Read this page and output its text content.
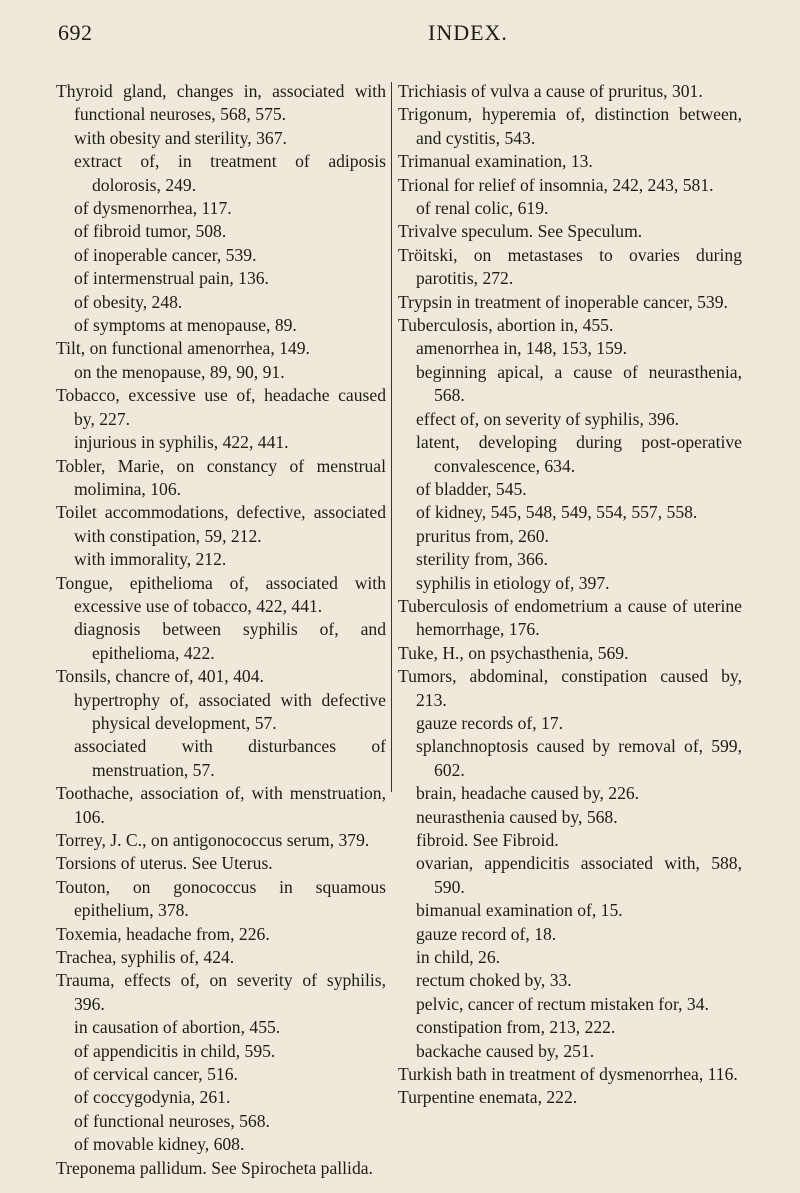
692	INDEX.
Thyroid gland, changes in, associated with functional neuroses, 568, 575.
with obesity and sterility, 367.
extract of, in treatment of adiposis dolorosis, 249.
of dysmenorrhea, 117.
of fibroid tumor, 508.
of inoperable cancer, 539.
of intermenstrual pain, 136.
of obesity, 248.
of symptoms at menopause, 89.
Tilt, on functional amenorrhea, 149.
on the menopause, 89, 90, 91.
Tobacco, excessive use of, headache caused by, 227.
injurious in syphilis, 422, 441.
Tobler, Marie, on constancy of menstrual molimina, 106.
Toilet accommodations, defective, associated with constipation, 59, 212.
with immorality, 212.
Tongue, epithelioma of, associated with excessive use of tobacco, 422, 441.
diagnosis between syphilis of, and epithelioma, 422.
Tonsils, chancre of, 401, 404.
hypertrophy of, associated with defective physical development, 57.
associated with disturbances of menstruation, 57.
Toothache, association of, with menstruation, 106.
Torrey, J. C., on antigonococcus serum, 379.
Torsions of uterus. See Uterus.
Touton, on gonococcus in squamous epithelium, 378.
Toxemia, headache from, 226.
Trachea, syphilis of, 424.
Trauma, effects of, on severity of syphilis, 396.
in causation of abortion, 455.
of appendicitis in child, 595.
of cervical cancer, 516.
of coccygodynia, 261.
of functional neuroses, 568.
of movable kidney, 608.
Treponema pallidum. See Spirocheta pallida.
Trichiasis of vulva a cause of pruritus, 301.
Trigonum, hyperemia of, distinction between, and cystitis, 543.
Trimanual examination, 13.
Trional for relief of insomnia, 242, 243, 581.
of renal colic, 619.
Trivalve speculum. See Speculum.
Tröitski, on metastases to ovaries during parotitis, 272.
Trypsin in treatment of inoperable cancer, 539.
Tuberculosis, abortion in, 455.
amenorrhea in, 148, 153, 159.
beginning apical, a cause of neurasthenia, 568.
effect of, on severity of syphilis, 396.
latent, developing during post-operative convalescence, 634.
of bladder, 545.
of kidney, 545, 548, 549, 554, 557, 558.
pruritus from, 260.
sterility from, 366.
syphilis in etiology of, 397.
Tuberculosis of endometrium a cause of uterine hemorrhage, 176.
Tuke, H., on psychasthenia, 569.
Tumors, abdominal, constipation caused by, 213.
gauze records of, 17.
splanchnoptosis caused by removal of, 599, 602.
brain, headache caused by, 226.
neurasthenia caused by, 568.
fibroid. See Fibroid.
ovarian, appendicitis associated with, 588, 590.
bimanual examination of, 15.
gauze record of, 18.
in child, 26.
rectum choked by, 33.
pelvic, cancer of rectum mistaken for, 34.
constipation from, 213, 222.
backache caused by, 251.
Turkish bath in treatment of dysmenorrhea, 116.
Turpentine enemata, 222.
